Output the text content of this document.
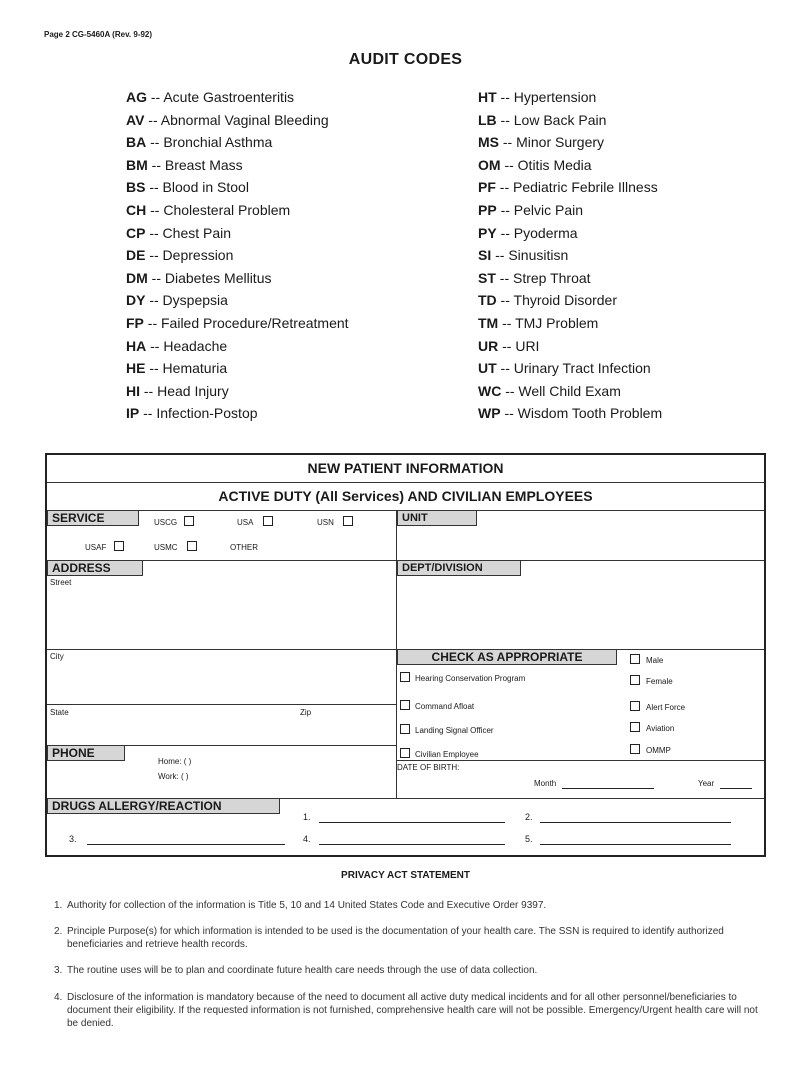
Page 2 CG-5460A (Rev. 9-92)
AUDIT CODES
AG -- Acute Gastroenteritis
AV -- Abnormal Vaginal Bleeding
BA -- Bronchial Asthma
BM -- Breast Mass
BS -- Blood in Stool
CH -- Cholesteral Problem
CP -- Chest Pain
DE -- Depression
DM -- Diabetes Mellitus
DY -- Dyspepsia
FP -- Failed Procedure/Retreatment
HA -- Headache
HE -- Hematuria
HI -- Head Injury
IP -- Infection-Postop
HT -- Hypertension
LB -- Low Back Pain
MS -- Minor Surgery
OM -- Otitis Media
PF -- Pediatric Febrile Illness
PP -- Pelvic Pain
PY -- Pyoderma
SI -- Sinusitisn
ST -- Strep Throat
TD -- Thyroid Disorder
TM -- TMJ Problem
UR -- URI
UT -- Urinary Tract Infection
WC -- Well Child Exam
WP -- Wisdom Tooth Problem
NEW PATIENT INFORMATION
ACTIVE DUTY (All Services) AND CIVILIAN EMPLOYEES
SERVICE	USCG	USA	USN
USAF	USMC	OTHER
UNIT
ADDRESS
Street
City
State	Zip
DEPT/DIVISION
CHECK AS APPROPRIATE
Hearing Conservation Program
Command Afloat
Landing Signal Officer
Civilian Employee
Male
Female
Alert Force
Aviation
OMMP
PHONE
Home: ( )
Work: ( )
DATE OF BIRTH:
Month	Year
DRUGS ALLERGY/REACTION
1.	2.
3.	4.	5.
PRIVACY ACT STATEMENT
1. Authority for collection of the information is Title 5, 10 and 14 United States Code and Executive Order 9397.
2. Principle Purpose(s) for which information is intended to be used is the documentation of your health care. The SSN is required to identify authorized beneficiaries and retrieve health records.
3. The routine uses will be to plan and coordinate future health care needs through the use of data collection.
4. Disclosure of the information is mandatory because of the need to document all active duty medical incidents and for all other personnel/beneficiaries to document their eligibility. If the requested information is not furnished, comprehensive health care will not be possible. Emergency/Urgent health care will not be denied.
